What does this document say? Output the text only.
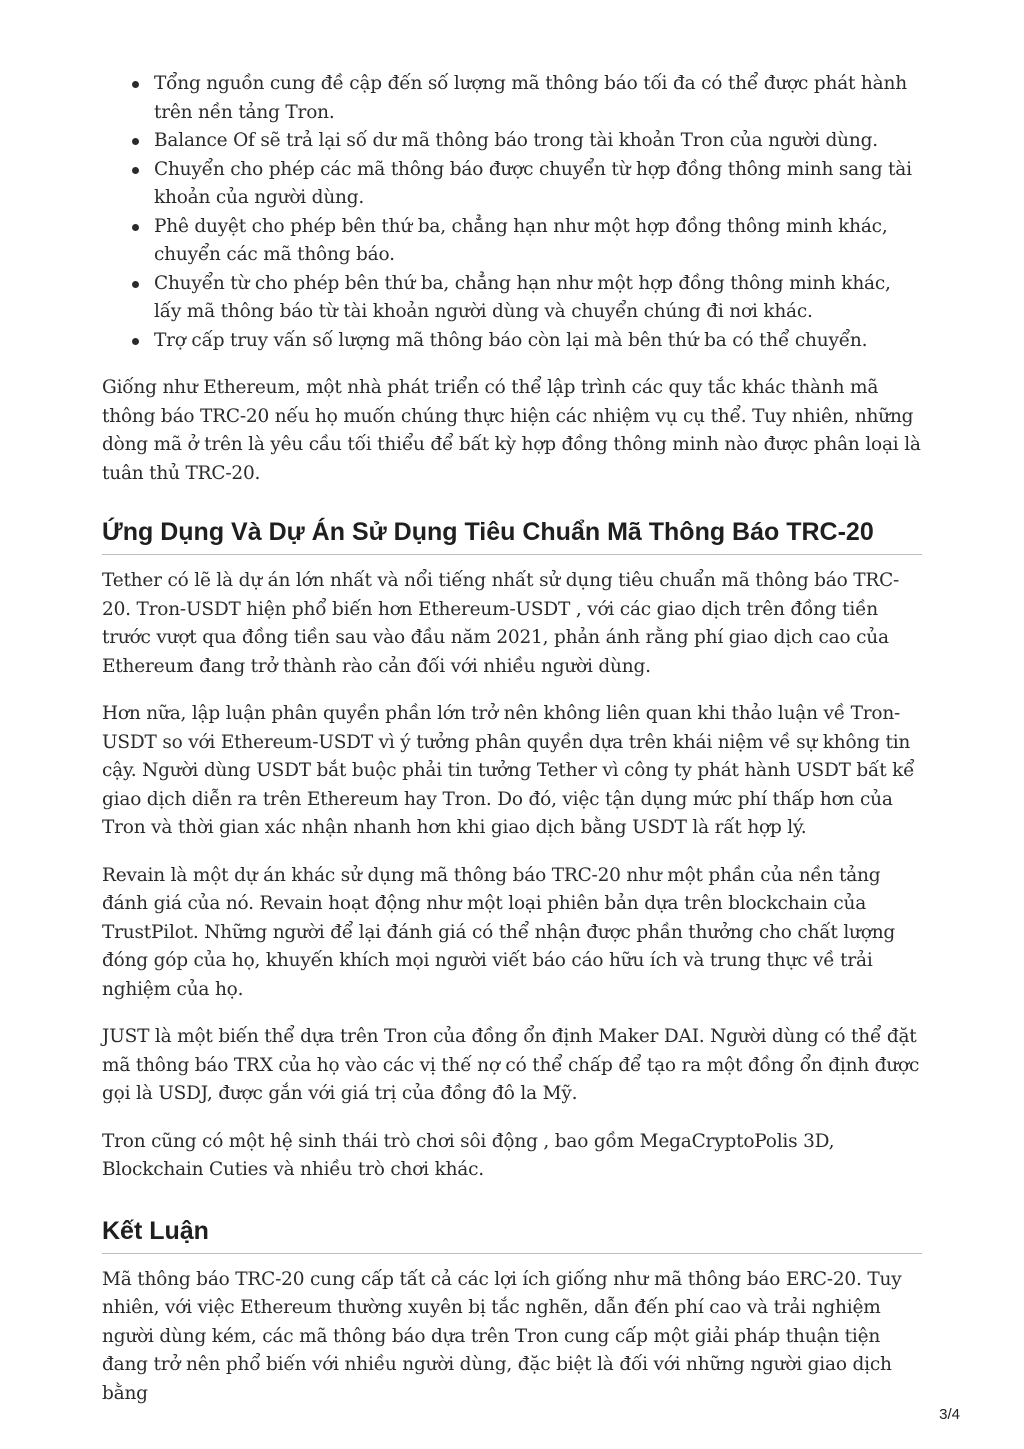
Tổng nguồn cung đề cập đến số lượng mã thông báo tối đa có thể được phát hành trên nền tảng Tron.
Balance Of sẽ trả lại số dư mã thông báo trong tài khoản Tron của người dùng.
Chuyển cho phép các mã thông báo được chuyển từ hợp đồng thông minh sang tài khoản của người dùng.
Phê duyệt cho phép bên thứ ba, chẳng hạn như một hợp đồng thông minh khác, chuyển các mã thông báo.
Chuyển từ cho phép bên thứ ba, chẳng hạn như một hợp đồng thông minh khác, lấy mã thông báo từ tài khoản người dùng và chuyển chúng đi nơi khác.
Trợ cấp truy vấn số lượng mã thông báo còn lại mà bên thứ ba có thể chuyển.

Giống như Ethereum, một nhà phát triển có thể lập trình các quy tắc khác thành mã thông báo TRC-20 nếu họ muốn chúng thực hiện các nhiệm vụ cụ thể. Tuy nhiên, những dòng mã ở trên là yêu cầu tối thiểu để bất kỳ hợp đồng thông minh nào được phân loại là tuân thủ TRC-20.

Ứng Dụng Và Dự Án Sử Dụng Tiêu Chuẩn Mã Thông Báo TRC-20

Tether có lẽ là dự án lớn nhất và nổi tiếng nhất sử dụng tiêu chuẩn mã thông báo TRC-20. Tron-USDT hiện phổ biến hơn Ethereum-USDT , với các giao dịch trên đồng tiền trước vượt qua đồng tiền sau vào đầu năm 2021, phản ánh rằng phí giao dịch cao của Ethereum đang trở thành rào cản đối với nhiều người dùng.

Hơn nữa, lập luận phân quyền phần lớn trở nên không liên quan khi thảo luận về Tron-USDT so với Ethereum-USDT vì ý tưởng phân quyền dựa trên khái niệm về sự không tin cậy. Người dùng USDT bắt buộc phải tin tưởng Tether vì công ty phát hành USDT bất kể giao dịch diễn ra trên Ethereum hay Tron. Do đó, việc tận dụng mức phí thấp hơn của Tron và thời gian xác nhận nhanh hơn khi giao dịch bằng USDT là rất hợp lý.

Revain là một dự án khác sử dụng mã thông báo TRC-20 như một phần của nền tảng đánh giá của nó. Revain hoạt động như một loại phiên bản dựa trên blockchain của TrustPilot. Những người để lại đánh giá có thể nhận được phần thưởng cho chất lượng đóng góp của họ, khuyến khích mọi người viết báo cáo hữu ích và trung thực về trải nghiệm của họ.

JUST là một biến thể dựa trên Tron của đồng ổn định Maker DAI. Người dùng có thể đặt mã thông báo TRX của họ vào các vị thế nợ có thể chấp để tạo ra một đồng ổn định được gọi là USDJ, được gắn với giá trị của đồng đô la Mỹ.

Tron cũng có một hệ sinh thái trò chơi sôi động , bao gồm MegaCryptoPolis 3D, Blockchain Cuties và nhiều trò chơi khác.

Kết Luận

Mã thông báo TRC-20 cung cấp tất cả các lợi ích giống như mã thông báo ERC-20. Tuy nhiên, với việc Ethereum thường xuyên bị tắc nghẽn, dẫn đến phí cao và trải nghiệm người dùng kém, các mã thông báo dựa trên Tron cung cấp một giải pháp thuận tiện đang trở nên phổ biến với nhiều người dùng, đặc biệt là đối với những người giao dịch bằng

3/4
